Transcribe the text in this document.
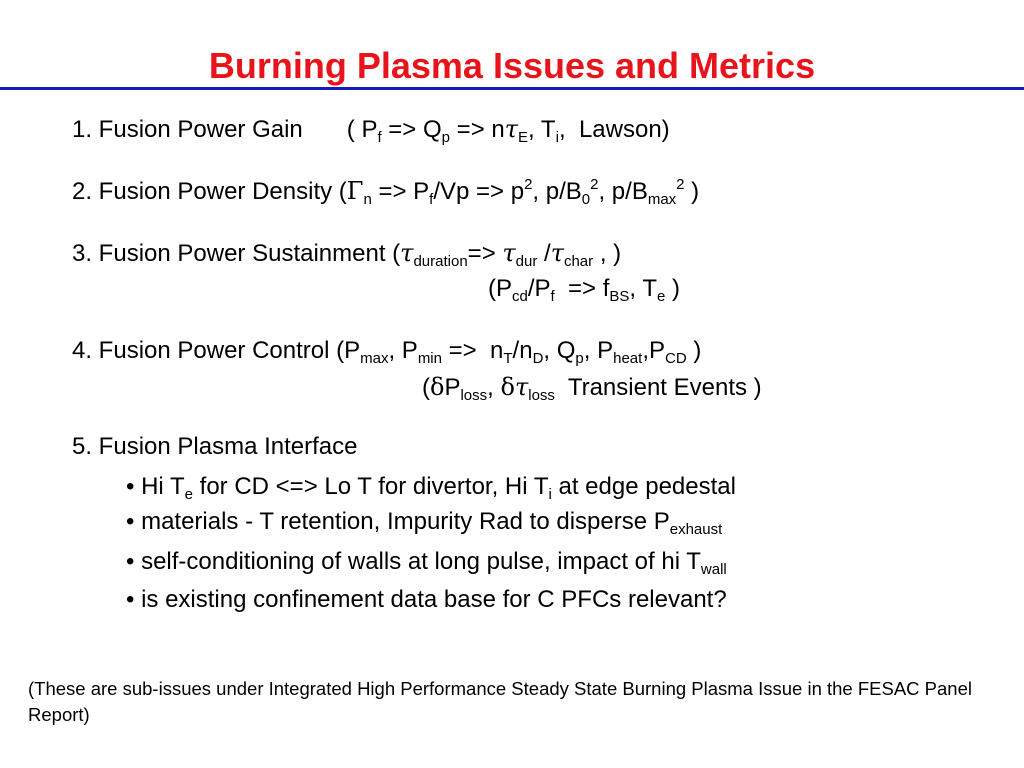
Burning Plasma Issues and Metrics
1. Fusion Power Gain ( $P_f => Q_p => n\tau_E$, $T_i$,  Lawson)
2. Fusion Power Density ($\Gamma_n => P_f/Vp => p^2$, $p/B_0^2$, $p/B_{max}^2$ )
3. Fusion Power Sustainment ($\tau_{duration}=> \tau_{dur}$ $/\tau_{char}$ , )
($P_{cd}/P_f => f_{BS}$, $T_e$ )
4. Fusion Power Control ($P_{max}$, $P_{min} => n_T/n_D$, $Q_p$, $P_{heat},P_{CD}$ )
($\delta P_{loss}$, $\delta\tau_{loss}$  Transient Events )
5. Fusion Plasma Interface
• Hi $T_e$ for CD <=> Lo T for divertor, Hi $T_i$ at edge pedestal
• materials - T retention, Impurity Rad to disperse $P_{exhaust}$
• self-conditioning of walls at long pulse, impact of hi $T_{wall}$
• is existing confinement data base for C PFCs relevant?
(These are sub-issues under Integrated High Performance Steady State Burning Plasma Issue in the FESAC Panel Report)
